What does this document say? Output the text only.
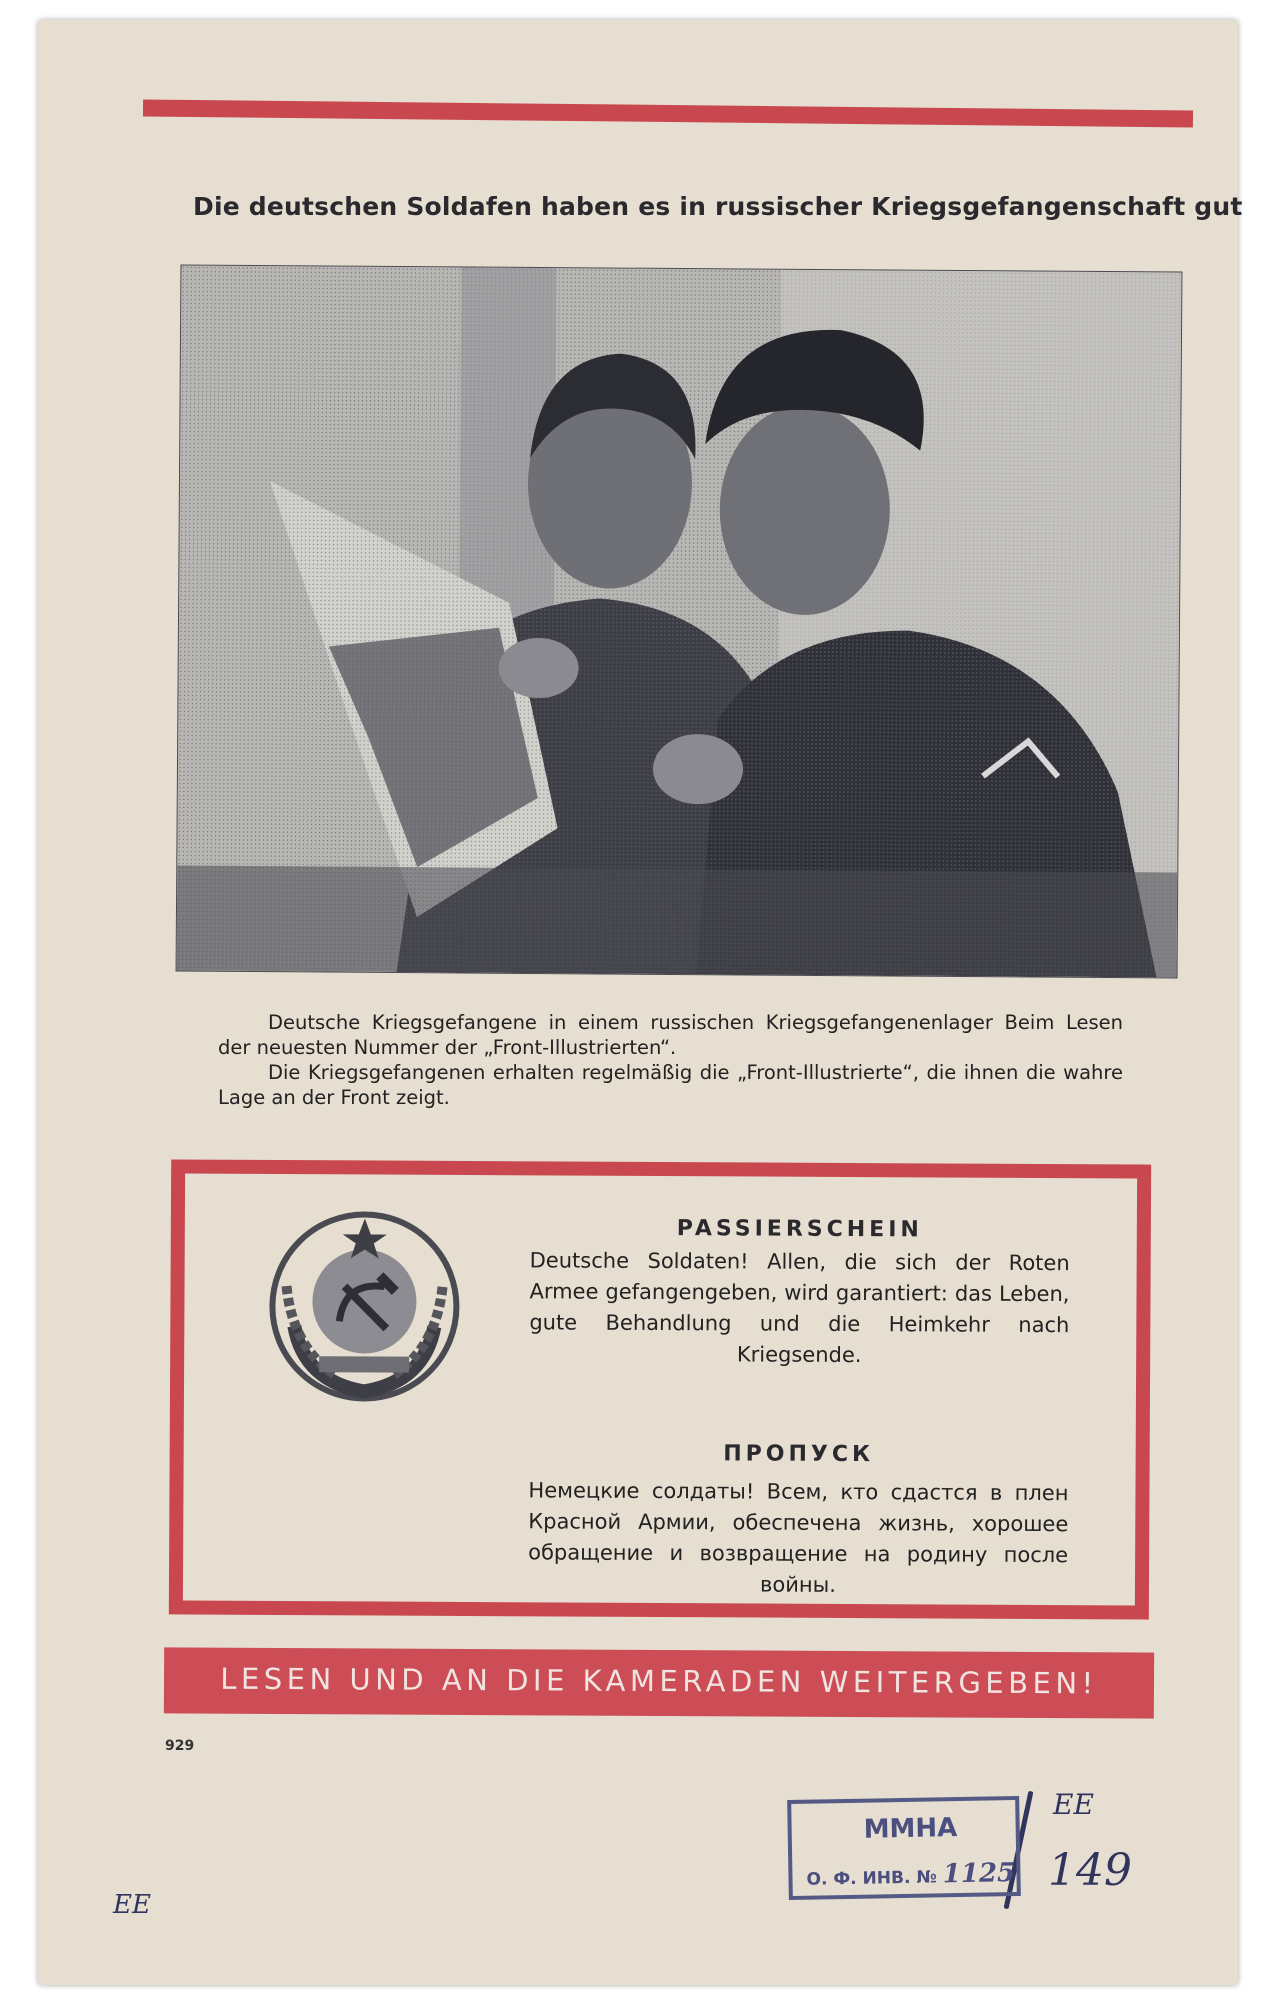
Die deutschen Soldafen haben es in russischer Kriegsgefangenschaft gut

Deutsche Kriegsgefangene in einem russischen Kriegsgefangenenlager Beim Lesen der neuesten Nummer der „Front-Illustrierten“.

Die Kriegsgefangenen erhalten regelmäßig die „Front-Illustrierte“, die ihnen die wahre Lage an der Front zeigt.

PASSIERSCHEIN

Deutsche Soldaten! Allen, die sich der Roten Armee gefangengeben, wird garantiert: das Leben, gute Behandlung und die Heimkehr nach Kriegsende.

ПРОПУСК

Немецкие солдаты! Всем, кто сдастся в плен Красной Армии, обеспечена жизнь, хорошее обращение и возвращение на родину после войны.

LESEN UND AN DIE KAMERADEN WEITERGEBEN!
929
ММНА
О. Ф. ИНВ. № 1125
ЕЕ
149
ЕЕ
